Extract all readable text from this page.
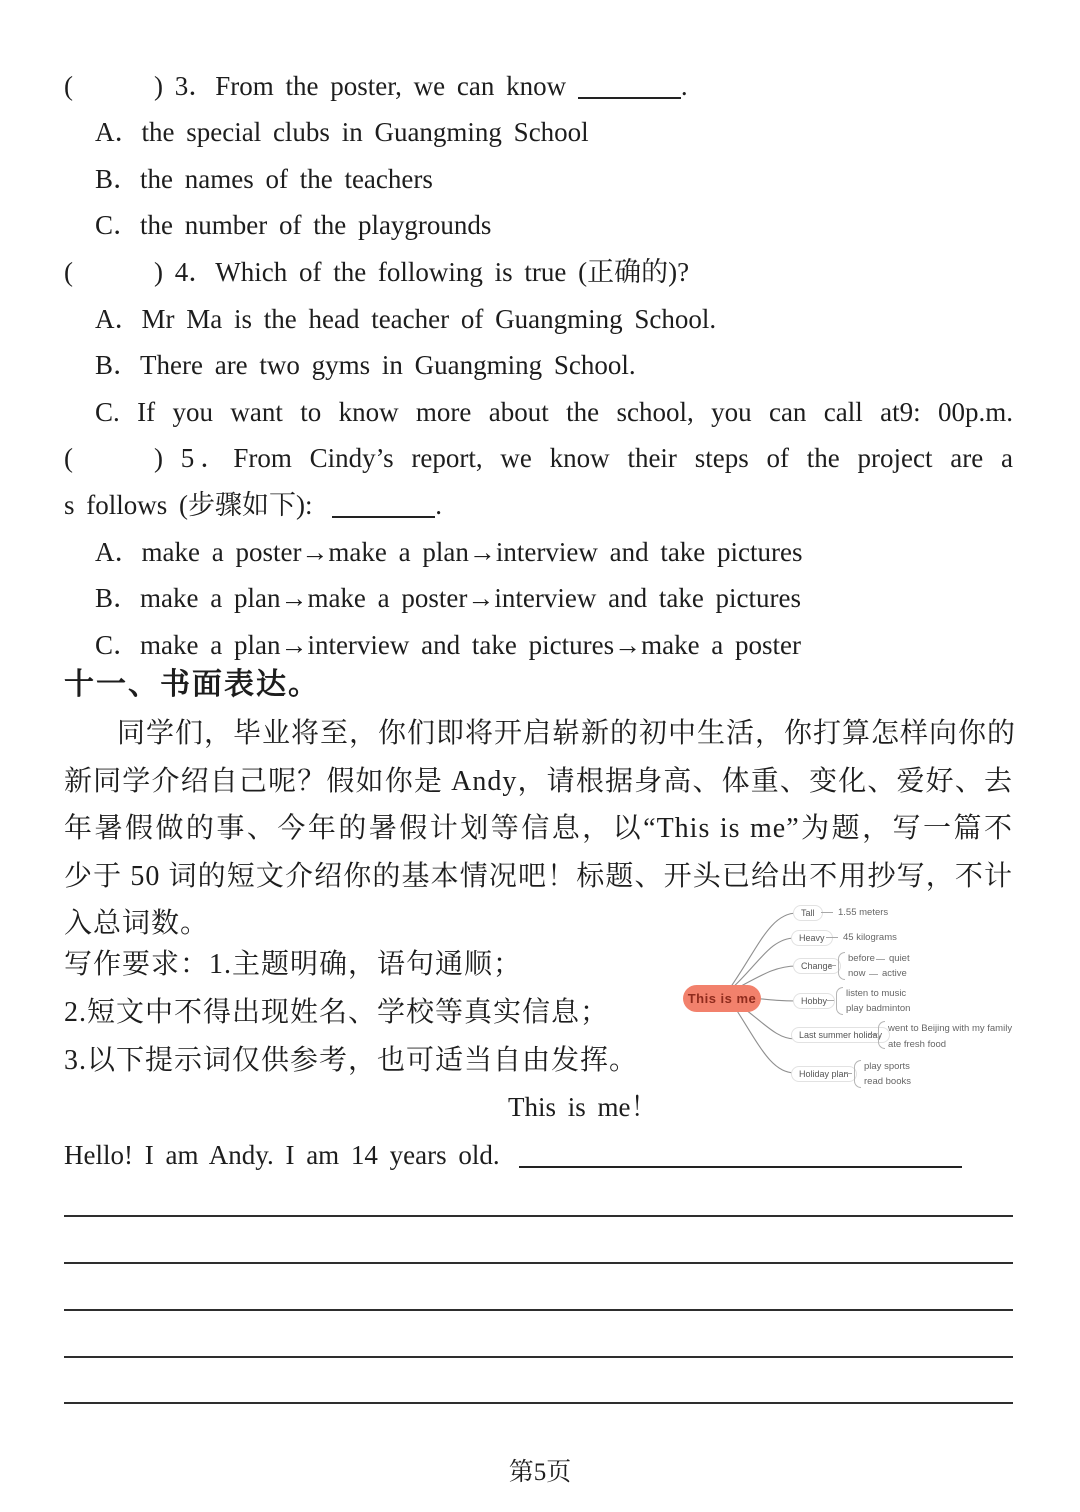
(   ) 3．From the poster, we can know	.
A．the special clubs in Guangming School
B．the names of the teachers
C．the number of the playgrounds
(   ) 4．Which of the following is true (正确的)?
A．Mr Ma is the head teacher of Guangming School.
B．There are two gyms in Guangming School.
C. If you want to know more about the school, you can call at9: 00p.m.
(   ) 5．From Cindy’s report, we know their steps of the project are a
s follows (步骤如下):	.
A．make a poster→make a plan→interview and take pictures
B．make a plan→make a poster→interview and take pictures
C．make a plan→interview and take pictures→make a poster
十一、书面表达。
同学们，毕业将至，你们即将开启崭新的初中生活，你打算怎样向你的
新同学介绍自己呢？假如你是 Andy，请根据身高、体重、变化、爱好、去
年暑假做的事、今年的暑假计划等信息，以“This is me”为题，写一篇不
少于 50 词的短文介绍你的基本情况吧！标题、开头已给出不用抄写，不计
入总词数。
写作要求：1.主题明确，语句通顺；
2.短文中不得出现姓名、学校等真实信息；
3.以下提示词仅供参考，也可适当自由发挥。
This is me
Tall	1.55 meters
Heavy	45 kilograms
Change
before quiet
now active
Hobby
listen to music
play badminton
Last summer holiday
went to Beijing with my family
ate fresh food
Holiday plan
play sports
read books
This is me！
Hello! I am Andy. I am 14 years old.
第5页
